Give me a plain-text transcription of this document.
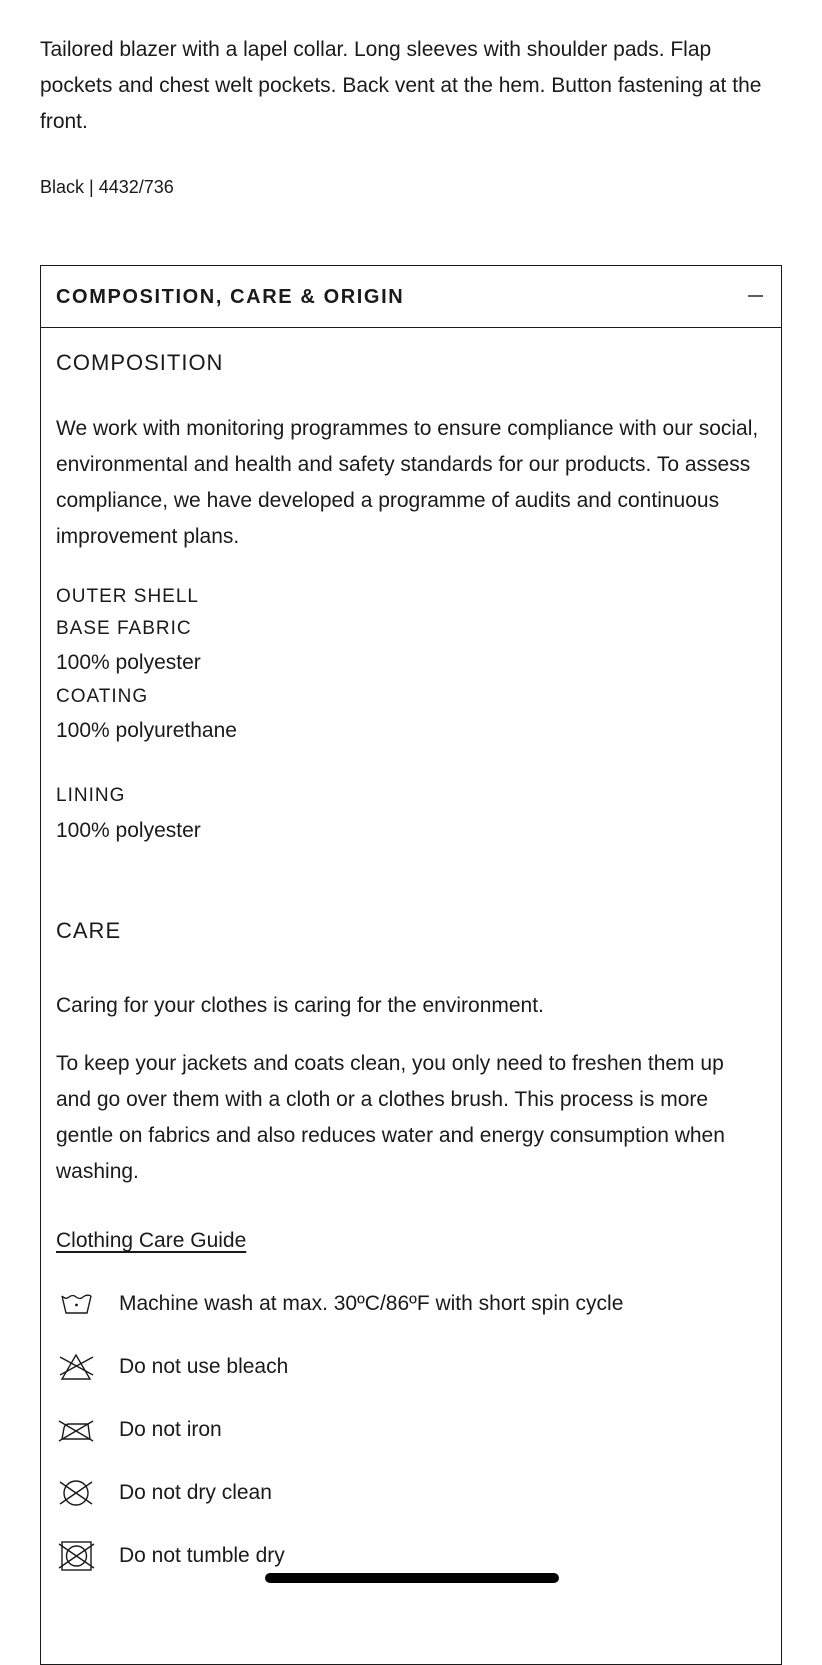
Tailored blazer with a lapel collar. Long sleeves with shoulder pads. Flap pockets and chest welt pockets. Back vent at the hem. Button fastening at the front.

Black | 4432/736

COMPOSITION, CARE & ORIGIN

COMPOSITION

We work with monitoring programmes to ensure compliance with our social, environmental and health and safety standards for our products. To assess compliance, we have developed a programme of audits and continuous improvement plans.

OUTER SHELL

BASE FABRIC

100% polyester

COATING

100% polyurethane

LINING

100% polyester

CARE

Caring for your clothes is caring for the environment.

To keep your jackets and coats clean, you only need to freshen them up and go over them with a cloth or a clothes brush. This process is more gentle on fabrics and also reduces water and energy consumption when washing.

Clothing Care Guide
Machine wash at max. 30ºC/86ºF with short spin cycle
Do not use bleach
Do not iron
Do not dry clean
Do not tumble dry
